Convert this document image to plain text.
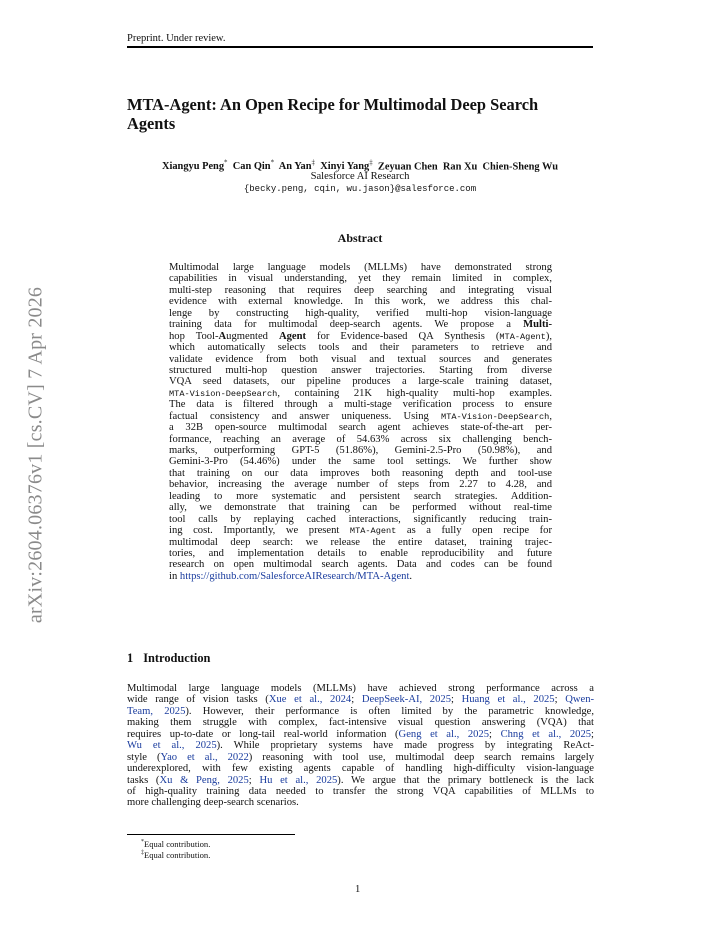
Preprint. Under review.
arXiv:2604.06376v1 [cs.CV] 7 Apr 2026
MTA-Agent: An Open Recipe for Multimodal Deep Search
Agents
Xiangyu Peng* Can Qin* An Yan‡ Xinyi Yang‡ Zeyuan Chen Ran Xu Chien-Sheng Wu
Salesforce AI Research
{becky.peng, cqin, wu.jason}@salesforce.com
Abstract
Multimodal large language models (MLLMs) have demonstrated strong
capabilities in visual understanding, yet they remain limited in complex,
multi-step reasoning that requires deep searching and integrating visual
evidence with external knowledge. In this work, we address this chal-
lenge by constructing high-quality, verified multi-hop vision-language
training data for multimodal deep-search agents. We propose a Multi-
hop Tool-Augmented Agent for Evidence-based QA Synthesis (MTA-Agent),
which automatically selects tools and their parameters to retrieve and
validate evidence from both visual and textual sources and generates
structured multi-hop question answer trajectories. Starting from diverse
VQA seed datasets, our pipeline produces a large-scale training dataset,
MTA-Vision-DeepSearch, containing 21K high-quality multi-hop examples.
The data is filtered through a multi-stage verification process to ensure
factual consistency and answer uniqueness. Using MTA-Vision-DeepSearch,
a 32B open-source multimodal search agent achieves state-of-the-art per-
formance, reaching an average of 54.63% across six challenging bench-
marks, outperforming GPT-5 (51.86%), Gemini-2.5-Pro (50.98%), and
Gemini-3-Pro (54.46%) under the same tool settings. We further show
that training on our data improves both reasoning depth and tool-use
behavior, increasing the average number of steps from 2.27 to 4.28, and
leading to more systematic and persistent search strategies. Addition-
ally, we demonstrate that training can be performed without real-time
tool calls by replaying cached interactions, significantly reducing train-
ing cost. Importantly, we present MTA-Agent as a fully open recipe for
multimodal deep search: we release the entire dataset, training trajec-
tories, and implementation details to enable reproducibility and future
research on open multimodal search agents. Data and codes can be found
in https://github.com/SalesforceAIResearch/MTA-Agent.
1 Introduction
Multimodal large language models (MLLMs) have achieved strong performance across a
wide range of vision tasks (Xue et al., 2024; DeepSeek-AI, 2025; Huang et al., 2025; Qwen-
Team, 2025). However, their performance is often limited by the parametric knowledge,
making them struggle with complex, fact-intensive visual question answering (VQA) that
requires up-to-date or long-tail real-world information (Geng et al., 2025; Chng et al., 2025;
Wu et al., 2025). While proprietary systems have made progress by integrating ReAct-
style (Yao et al., 2022) reasoning with tool use, multimodal deep search remains largely
underexplored, with few existing agents capable of handling high-difficulty vision-language
tasks (Xu & Peng, 2025; Hu et al., 2025). We argue that the primary bottleneck is the lack
of high-quality training data needed to transfer the strong VQA capabilities of MLLMs to
more challenging deep-search scenarios.
*Equal contribution.
‡Equal contribution.
1
